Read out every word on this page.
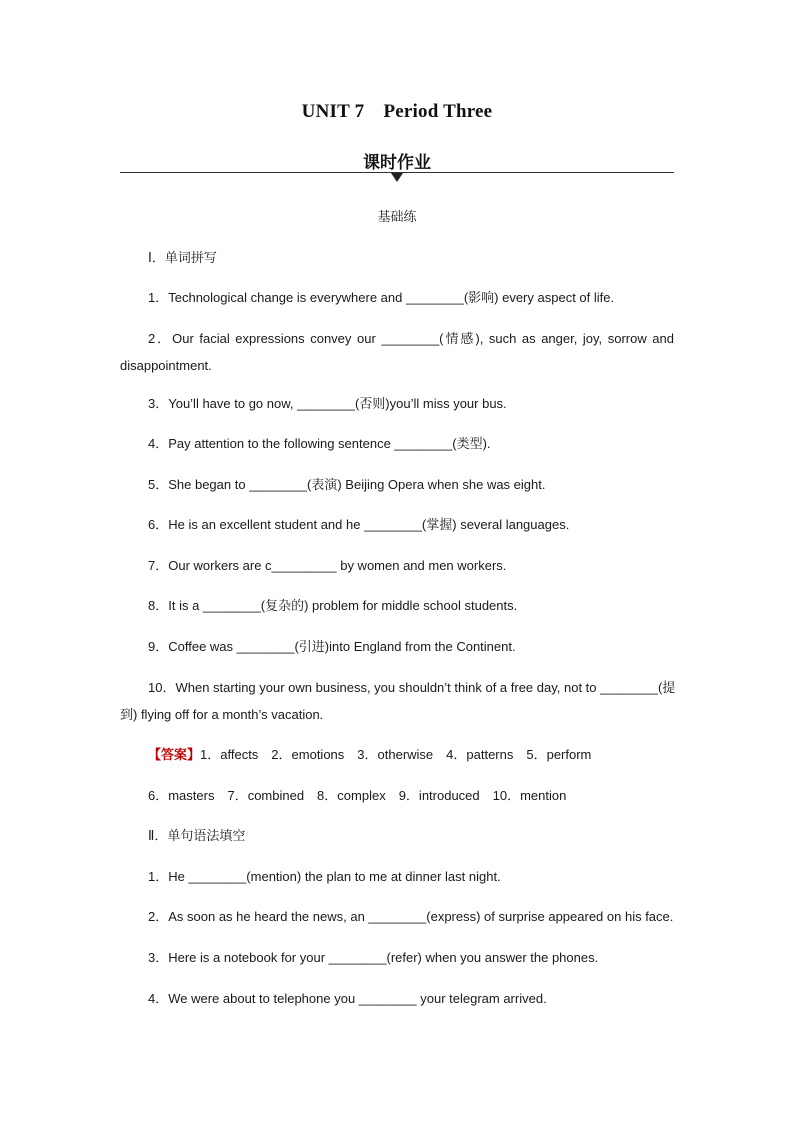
UNIT 7　Period Three
课时作业
基础练
Ⅰ．单词拼写
1．Technological change is everywhere and ________(影响) every aspect of life.
2．Our facial expressions convey our ________(情感), such as anger, joy, sorrow and
disappointment.
3．You’ll have to go now, ________(否则)you’ll miss your bus.
4．Pay attention to the following sentence ________(类型).
5．She began to ________(表演) Beijing Opera when she was eight.
6．He is an excellent student and he ________(掌握) several languages.
7．Our workers are c_________ by women and men workers.
8．It is a ________(复杂的) problem for middle school students.
9．Coffee was ________(引进)into England from the Continent.
10．When starting your own business, you shouldn’t think of a free day, not to ________(提
到) flying off for a month’s vacation.
【答案】1．affects　2．emotions　3．otherwise　4．patterns　5．perform
6．masters　7．combined　8．complex　9．introduced　10．mention
Ⅱ．单句语法填空
1．He ________(mention) the plan to me at dinner last night.
2．As soon as he heard the news, an ________(express) of surprise appeared on his face.
3．Here is a notebook for your ________(refer) when you answer the phones.
4．We were about to telephone you ________ your telegram arrived.
